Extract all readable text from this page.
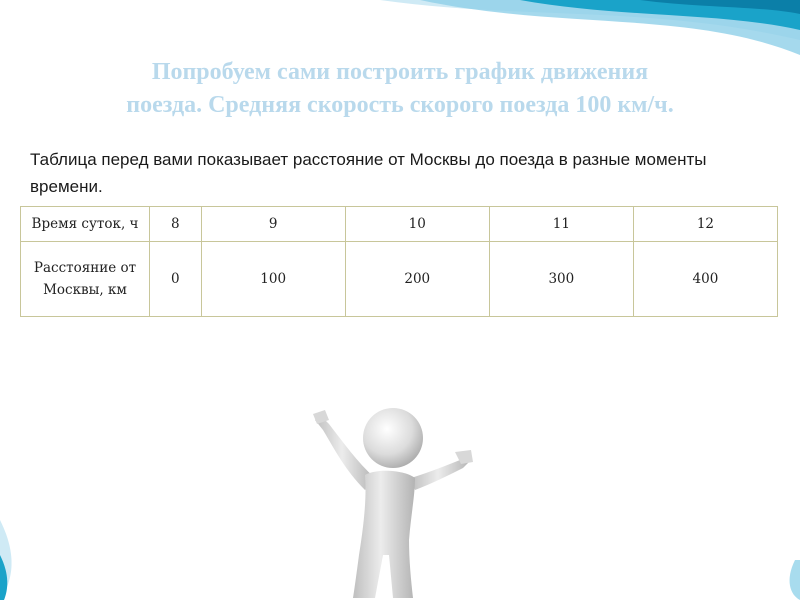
Попробуем сами построить график движения
поезда. Средняя скорость скорого поезда 100 км/ч.
Таблица перед вами показывает расстояние от Москвы до поезда в разные моменты времени.
Время суток, ч	8	9	10	11	12
Расстояние от Москвы, км	0	100	200	300	400
